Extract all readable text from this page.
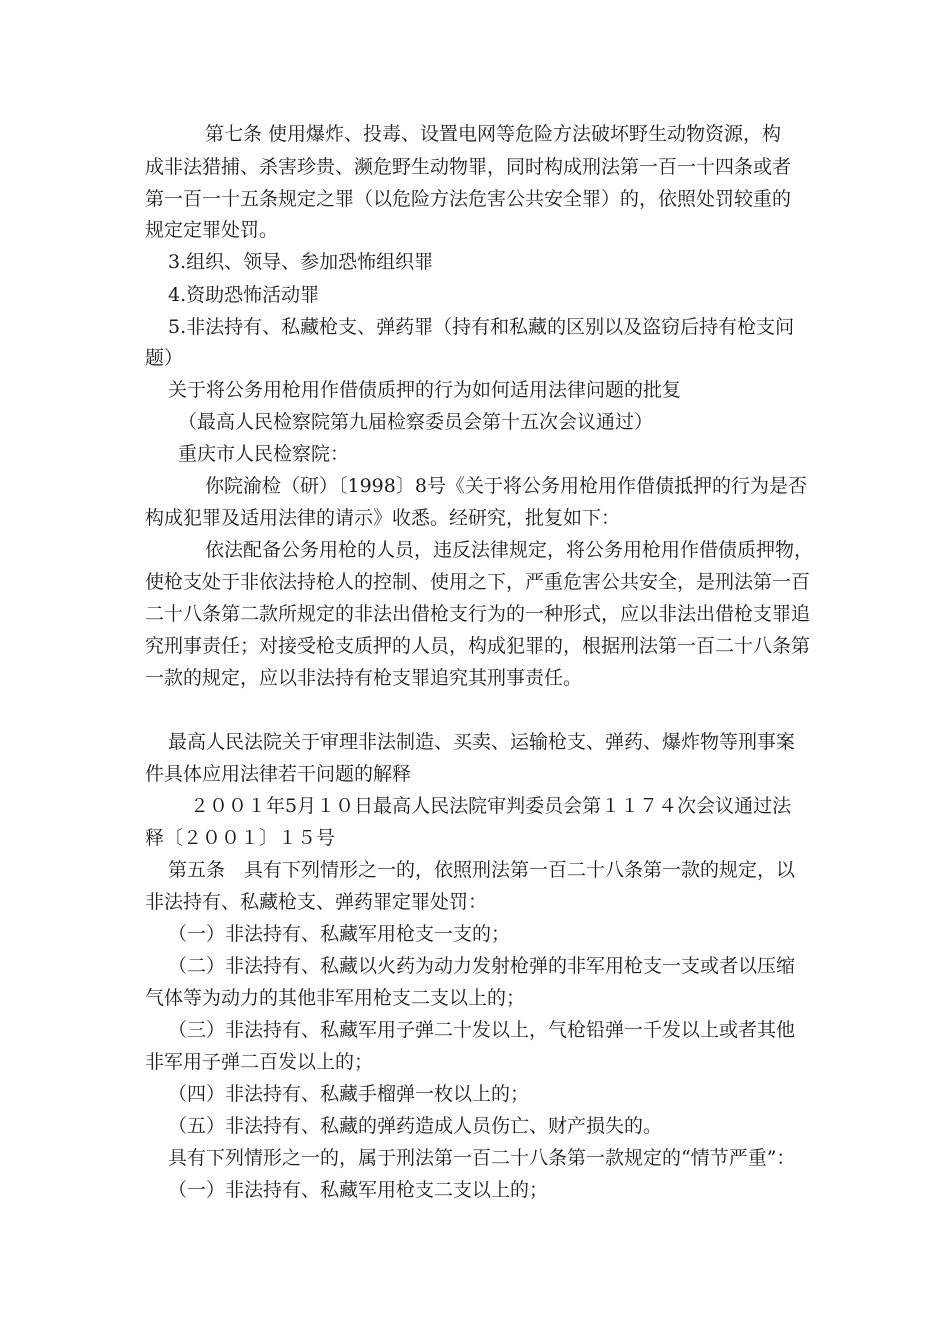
第七条 使用爆炸、投毒、设置电网等危险方法破坏野生动物资源，构

成非法猎捕、杀害珍贵、濒危野生动物罪，同时构成刑法第一百一十四条或者

第一百一十五条规定之罪（以危险方法危害公共安全罪）的，依照处罚较重的

规定定罪处罚。

3.组织、领导、参加恐怖组织罪

4.资助恐怖活动罪

5.非法持有、私藏枪支、弹药罪（持有和私藏的区别以及盗窃后持有枪支问

题）

关于将公务用枪用作借债质押的行为如何适用法律问题的批复

（最高人民检察院第九届检察委员会第十五次会议通过）

重庆市人民检察院：

你院渝检（研）〔1998〕8号《关于将公务用枪用作借债抵押的行为是否

构成犯罪及适用法律的请示》收悉。经研究，批复如下：

依法配备公务用枪的人员，违反法律规定，将公务用枪用作借债质押物，

使枪支处于非依法持枪人的控制、使用之下，严重危害公共安全，是刑法第一百

二十八条第二款所规定的非法出借枪支行为的一种形式，应以非法出借枪支罪追

究刑事责任；对接受枪支质押的人员，构成犯罪的，根据刑法第一百二十八条第

一款的规定，应以非法持有枪支罪追究其刑事责任。

最高人民法院关于审理非法制造、买卖、运输枪支、弹药、爆炸物等刑事案

件具体应用法律若干问题的解释

２００１年5月１０日最高人民法院审判委员会第１１７４次会议通过法

释〔２００１〕１５号

第五条　具有下列情形之一的，依照刑法第一百二十八条第一款的规定，以

非法持有、私藏枪支、弹药罪定罪处罚：

（一）非法持有、私藏军用枪支一支的；

（二）非法持有、私藏以火药为动力发射枪弹的非军用枪支一支或者以压缩

气体等为动力的其他非军用枪支二支以上的；

（三）非法持有、私藏军用子弹二十发以上，气枪铅弹一千发以上或者其他

非军用子弹二百发以上的；

（四）非法持有、私藏手榴弹一枚以上的；

（五）非法持有、私藏的弹药造成人员伤亡、财产损失的。

具有下列情形之一的，属于刑法第一百二十八条第一款规定的“情节严重”：

（一）非法持有、私藏军用枪支二支以上的；
